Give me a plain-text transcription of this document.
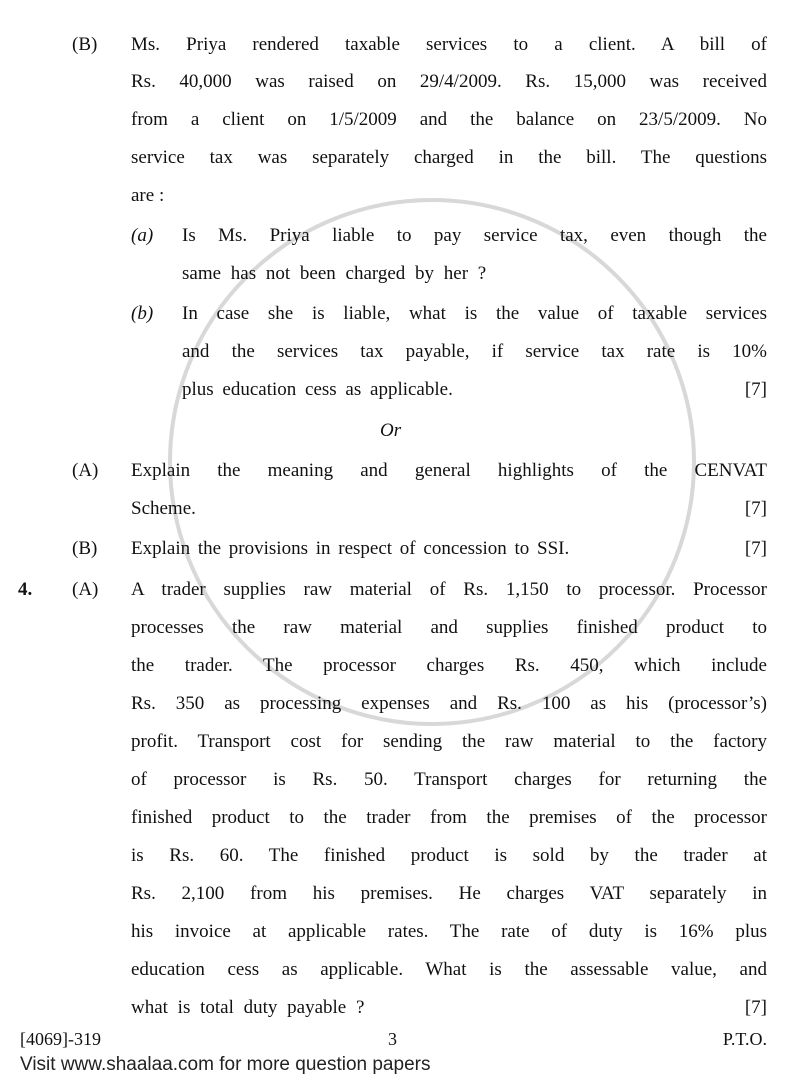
(B) Ms. Priya rendered taxable services to a client. A bill of
Rs. 40,000 was raised on 29/4/2009. Rs. 15,000 was received
from a client on 1/5/2009 and the balance on 23/5/2009. No
service tax was separately charged in the bill. The questions
are :
(a) Is Ms. Priya liable to pay service tax, even though the
same has not been charged by her ?
(b) In case she is liable, what is the value of taxable services
and the services tax payable, if service tax rate is 10%
plus education cess as applicable.	[7]
Or
(A) Explain the meaning and general highlights of the CENVAT
Scheme.	[7]
(B) Explain the provisions in respect of concession to SSI.	[7]
4. (A) A trader supplies raw material of Rs. 1,150 to processor. Processor
processes the raw material and supplies finished product to
the trader. The processor charges Rs. 450, which include
Rs. 350 as processing expenses and Rs. 100 as his (processor’s)
profit. Transport cost for sending the raw material to the factory
of processor is Rs. 50. Transport charges for returning the
finished product to the trader from the premises of the processor
is Rs. 60. The finished product is sold by the trader at
Rs. 2,100 from his premises. He charges VAT separately in
his invoice at applicable rates. The rate of duty is 16% plus
education cess as applicable. What is the assessable value, and
what is total duty payable ?	[7]
[4069]-319	3	P.T.O.
Visit www.shaalaa.com for more question papers
